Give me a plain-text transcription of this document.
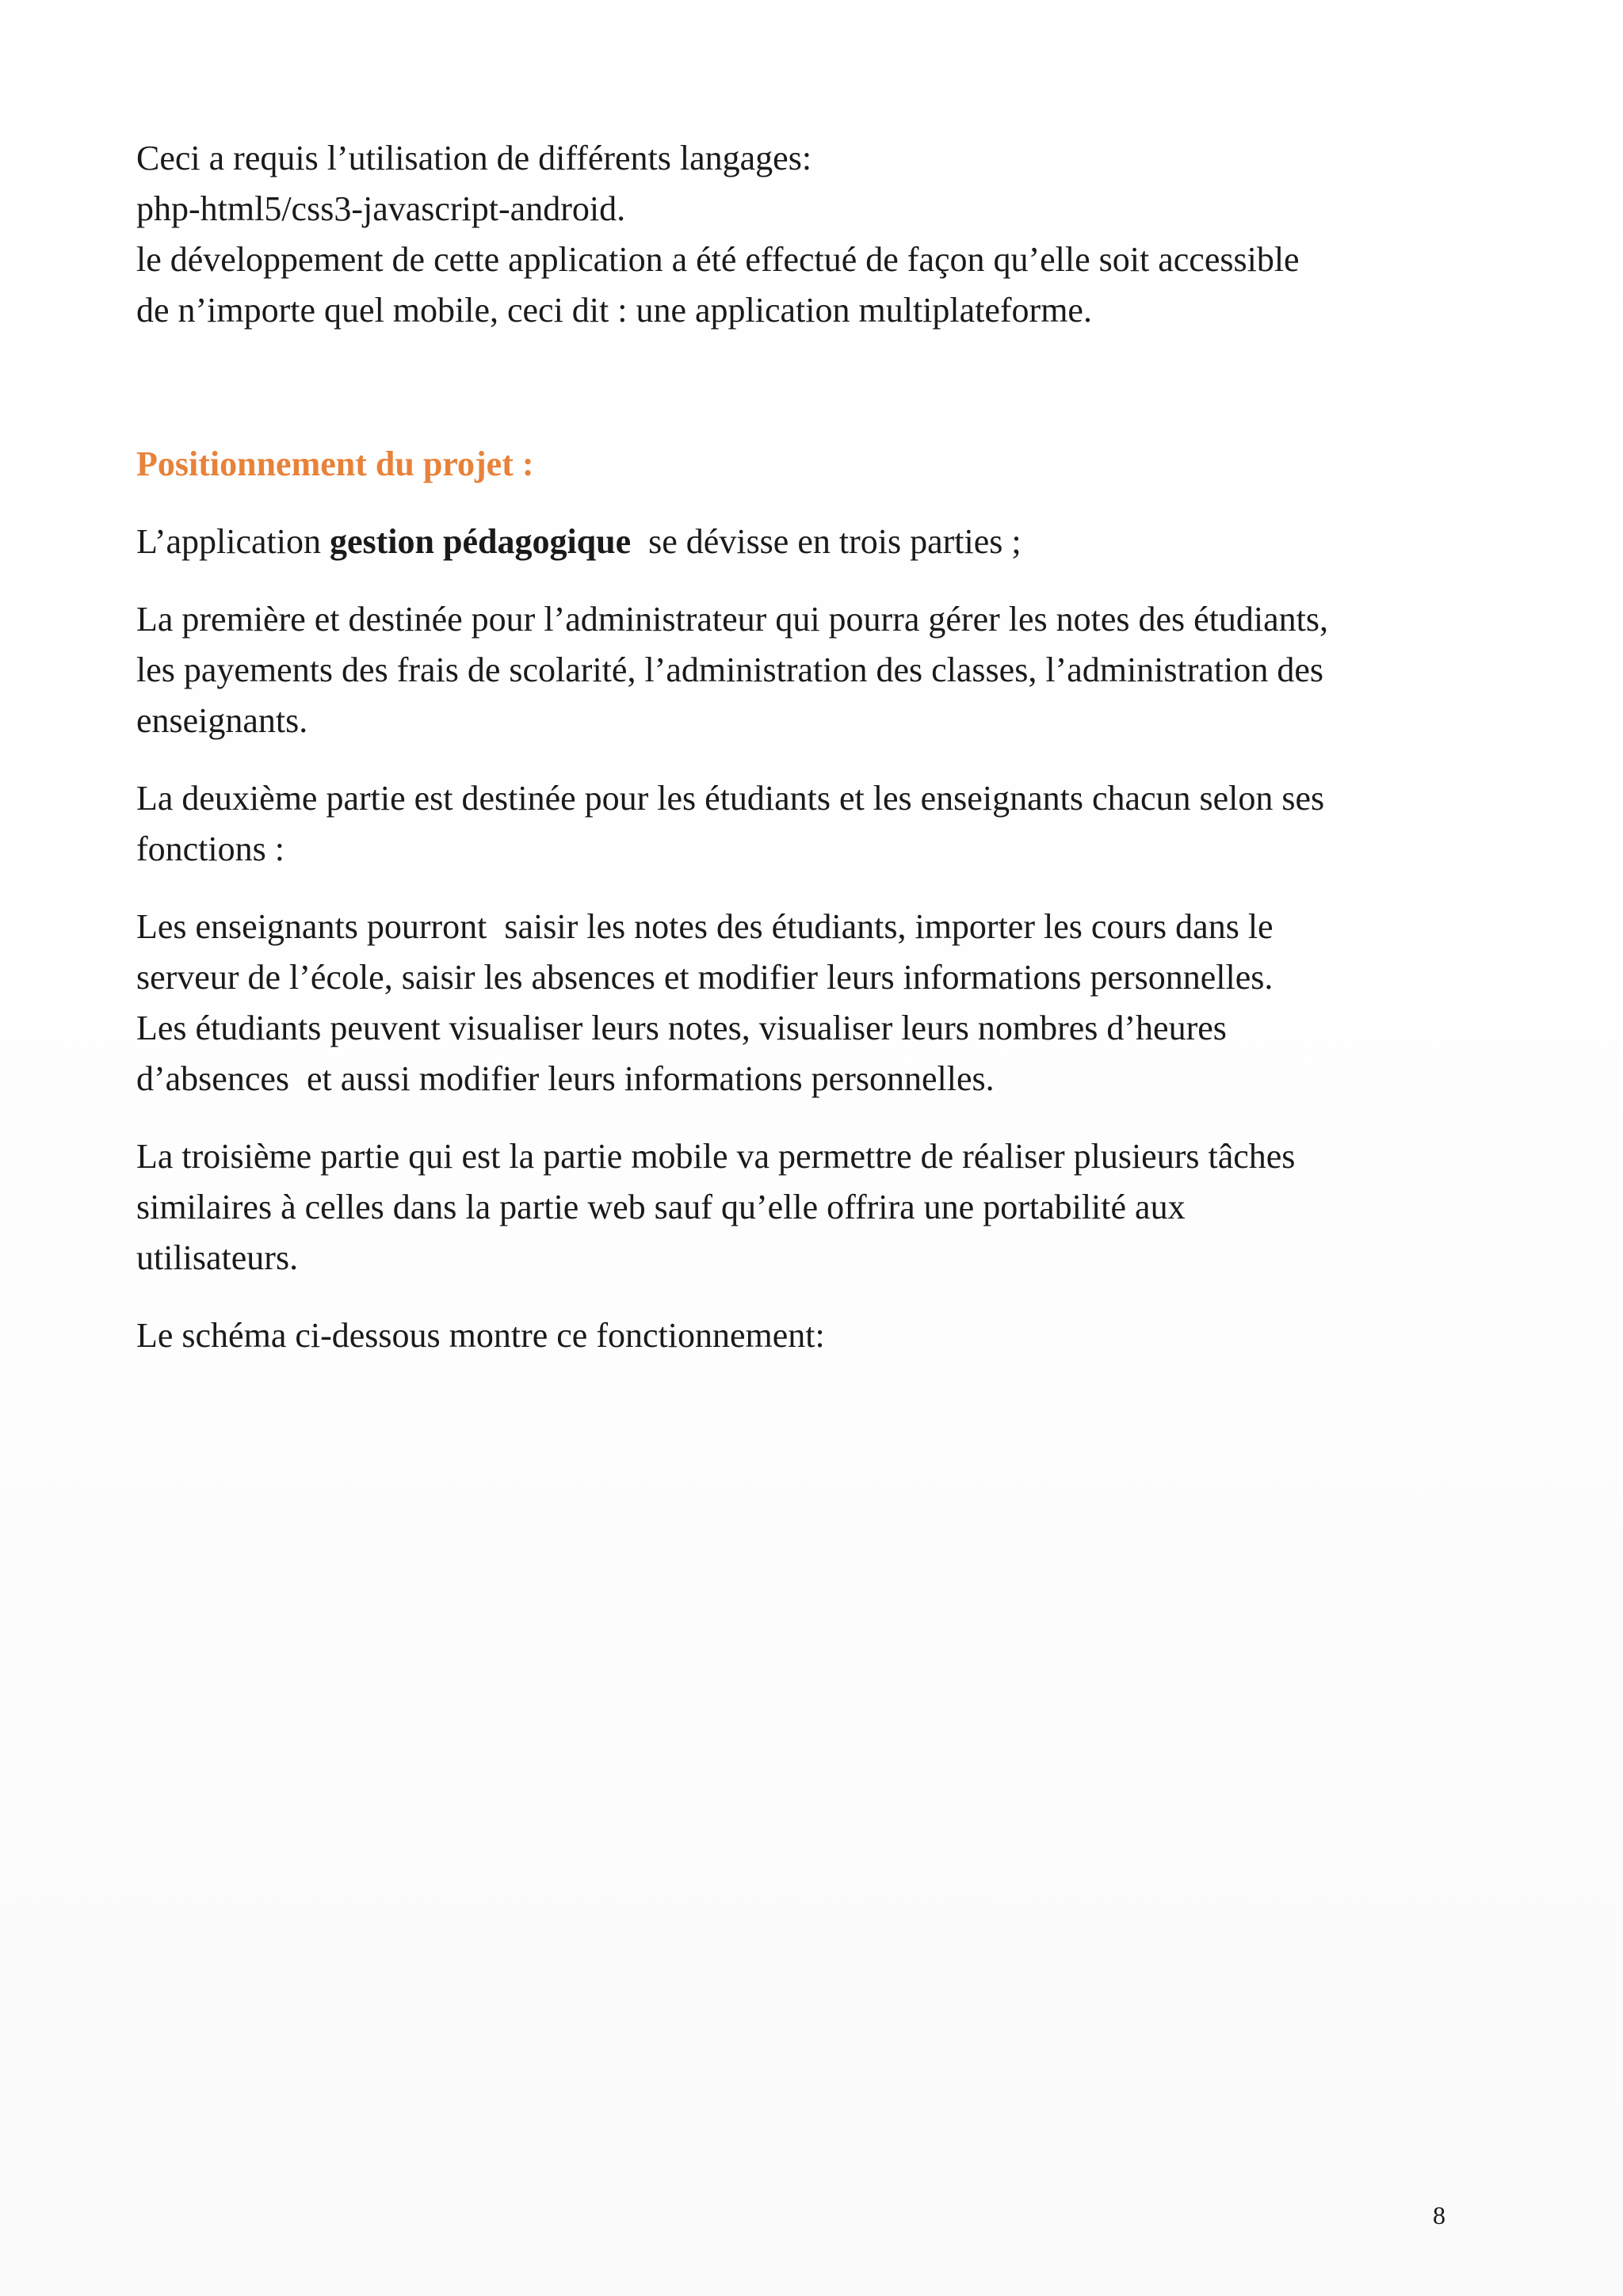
Ceci a requis l’utilisation de différents langages:

php-html5/css3-javascript-android.

le développement de cette application a été effectué de façon qu’elle soit accessible

de n’importe quel mobile, ceci dit : une application multiplateforme.

Positionnement du projet :

L’application gestion pédagogique  se dévisse en trois parties ;

La première et destinée pour l’administrateur qui pourra gérer les notes des étudiants,

les payements des frais de scolarité, l’administration des classes, l’administration des

enseignants.

La deuxième partie est destinée pour les étudiants et les enseignants chacun selon ses

fonctions :

Les enseignants pourront  saisir les notes des étudiants, importer les cours dans le

serveur de l’école, saisir les absences et modifier leurs informations personnelles.

Les étudiants peuvent visualiser leurs notes, visualiser leurs nombres d’heures

d’absences  et aussi modifier leurs informations personnelles.

La troisième partie qui est la partie mobile va permettre de réaliser plusieurs tâches

similaires à celles dans la partie web sauf qu’elle offrira une portabilité aux

utilisateurs.

Le schéma ci-dessous montre ce fonctionnement:

8
